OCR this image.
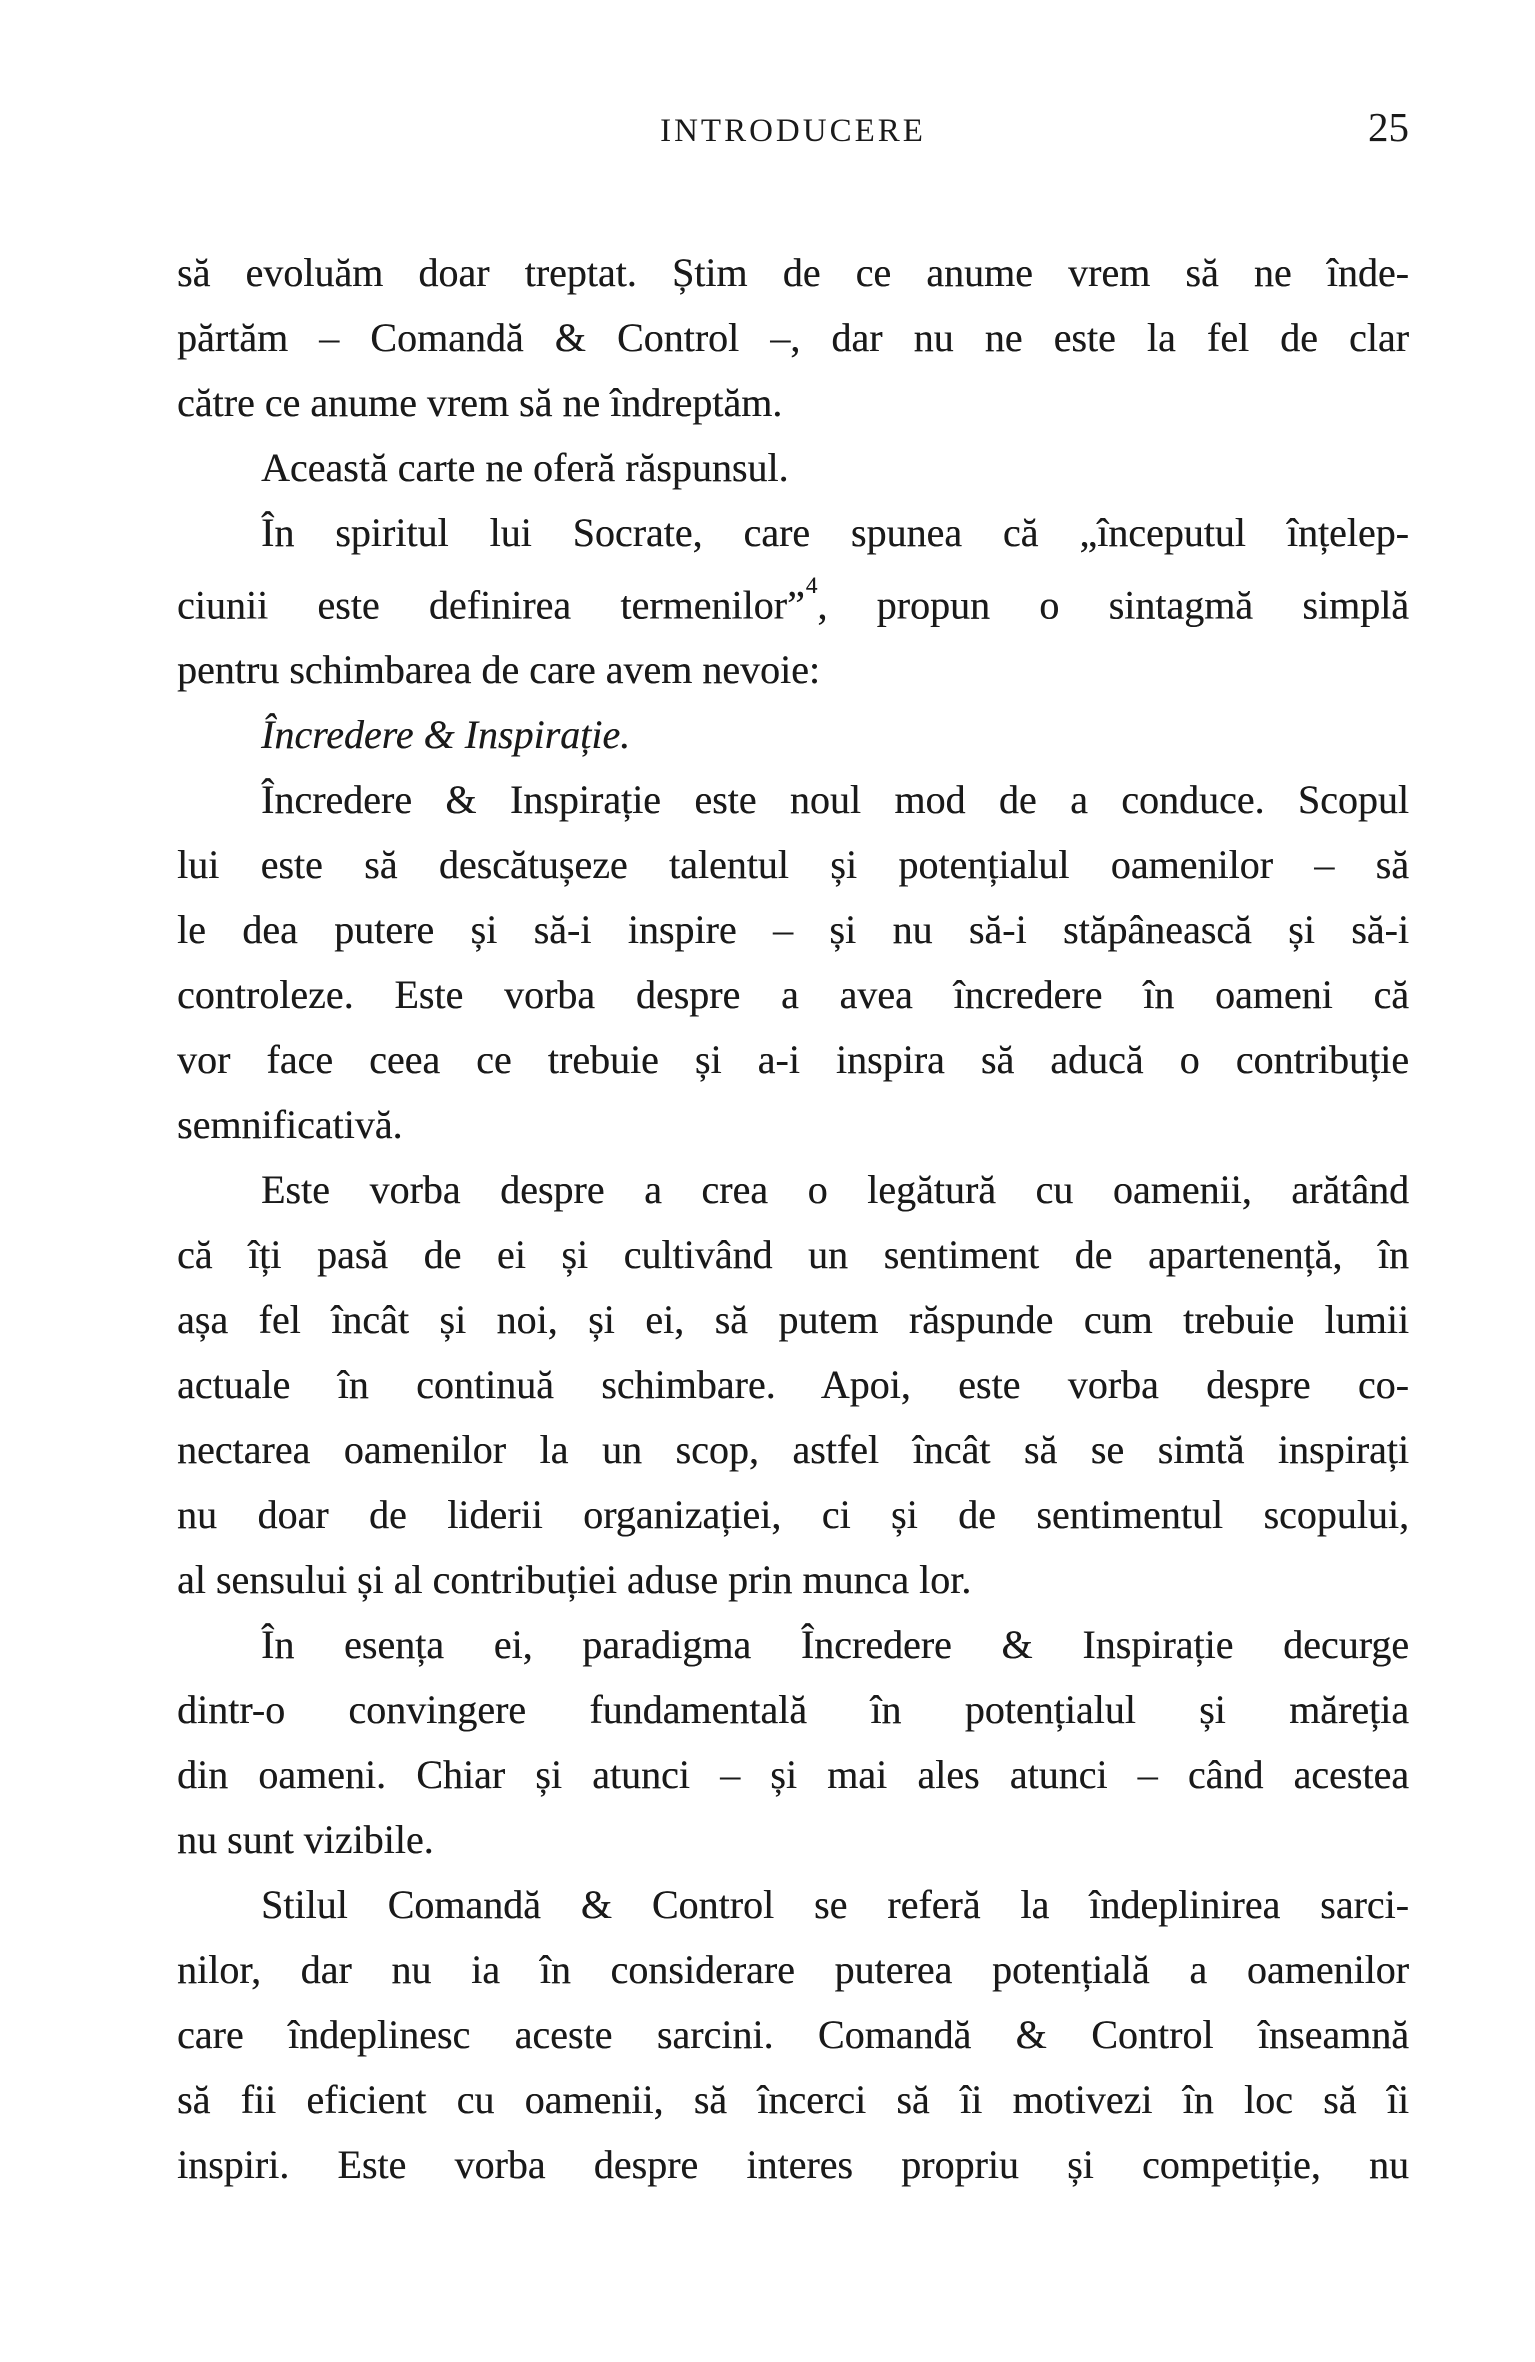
INTRODUCERE	25
să evoluăm doar treptat. Știm de ce anume vrem să ne înde-
părtăm – Comandă & Control –, dar nu ne este la fel de clar
către ce anume vrem să ne îndreptăm.
Această carte ne oferă răspunsul.
În spiritul lui Socrate, care spunea că „începutul înțelep-
ciunii este definirea termenilor”$^4$, propun o sintagmă simplă
pentru schimbarea de care avem nevoie:
Încredere & Inspirație.
Încredere & Inspirație este noul mod de a conduce. Scopul
lui este să descătușeze talentul și potențialul oamenilor – să
le dea putere și să-i inspire – și nu să-i stăpânească și să-i
controleze. Este vorba despre a avea încredere în oameni că
vor face ceea ce trebuie și a-i inspira să aducă o contribuție
semnificativă.
Este vorba despre a crea o legătură cu oamenii, arătând
că îți pasă de ei și cultivând un sentiment de apartenență, în
așa fel încât și noi, și ei, să putem răspunde cum trebuie lumii
actuale în continuă schimbare. Apoi, este vorba despre co-
nectarea oamenilor la un scop, astfel încât să se simtă inspirați
nu doar de liderii organizației, ci și de sentimentul scopului,
al sensului și al contribuției aduse prin munca lor.
În esența ei, paradigma Încredere & Inspirație decurge
dintr-o convingere fundamentală în potențialul și măreția
din oameni. Chiar și atunci – și mai ales atunci – când acestea
nu sunt vizibile.
Stilul Comandă & Control se referă la îndeplinirea sarci-
nilor, dar nu ia în considerare puterea potențială a oamenilor
care îndeplinesc aceste sarcini. Comandă & Control înseamnă
să fii eficient cu oamenii, să încerci să îi motivezi în loc să îi
inspiri. Este vorba despre interes propriu și competiție, nu
